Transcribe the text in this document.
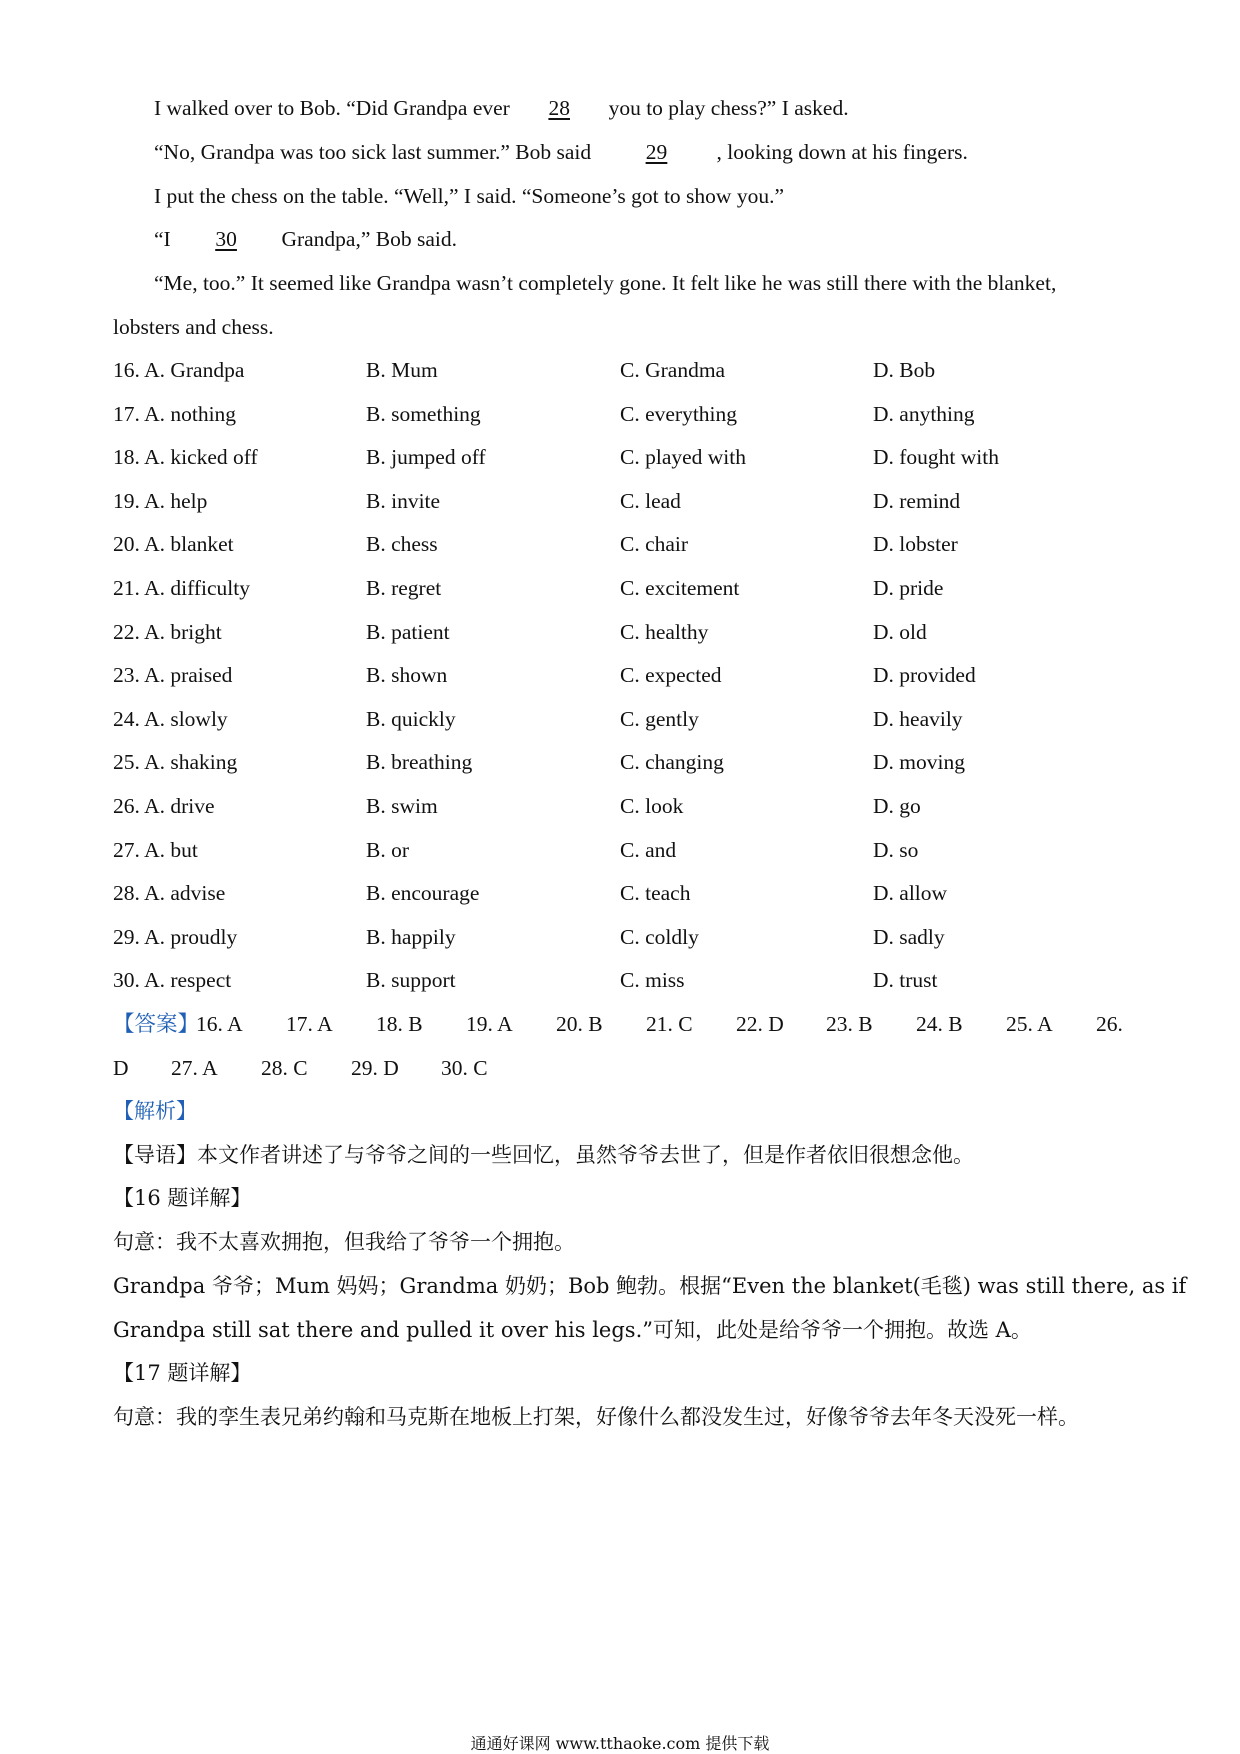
I walked over to Bob. “Did Grandpa ever 28 you to play chess?” I asked.
“No, Grandpa was too sick last summer.” Bob said 29 , looking down at his fingers.
I put the chess on the table. “Well,” I said. “Someone’s got to show you.”
“I 30 Grandpa,” Bob said.
“Me, too.” It seemed like Grandpa wasn’t completely gone. It felt like he was still there with the blanket,
lobsters and chess.
16. A. Grandpa	B. Mum	C. Grandma	D. Bob
17. A. nothing	B. something	C. everything	D. anything
18. A. kicked off	B. jumped off	C. played with	D. fought with
19. A. help	B. invite	C. lead	D. remind
20. A. blanket	B. chess	C. chair	D. lobster
21. A. difficulty	B. regret	C. excitement	D. pride
22. A. bright	B. patient	C. healthy	D. old
23. A. praised	B. shown	C. expected	D. provided
24. A. slowly	B. quickly	C. gently	D. heavily
25. A. shaking	B. breathing	C. changing	D. moving
26. A. drive	B. swim	C. look	D. go
27. A. but	B. or	C. and	D. so
28. A. advise	B. encourage	C. teach	D. allow
29. A. proudly	B. happily	C. coldly	D. sadly
30. A. respect	B. support	C. miss	D. trust
【答案】
16. A 17. A 18. B 19. A 20. B 21. C 22. D 23. B 24. B 25. A 26.
D 27. A 28. C 29. D 30. C
【解析】
【导语】本文作者讲述了与爷爷之间的一些回忆，虽然爷爷去世了，但是作者依旧很想念他。
【16 题详解】
句意：我不太喜欢拥抱，但我给了爷爷一个拥抱。
Grandpa 爷爷；Mum 妈妈；Grandma 奶奶；Bob 鲍勃。根据“Even the blanket(毛毯) was still there, as if
Grandpa still sat there and pulled it over his legs.”可知，此处是给爷爷一个拥抱。故选 A。
【17 题详解】
句意：我的孪生表兄弟约翰和马克斯在地板上打架，好像什么都没发生过，好像爷爷去年冬天没死一样。
通通好课网 www.tthaoke.com 提供下载
